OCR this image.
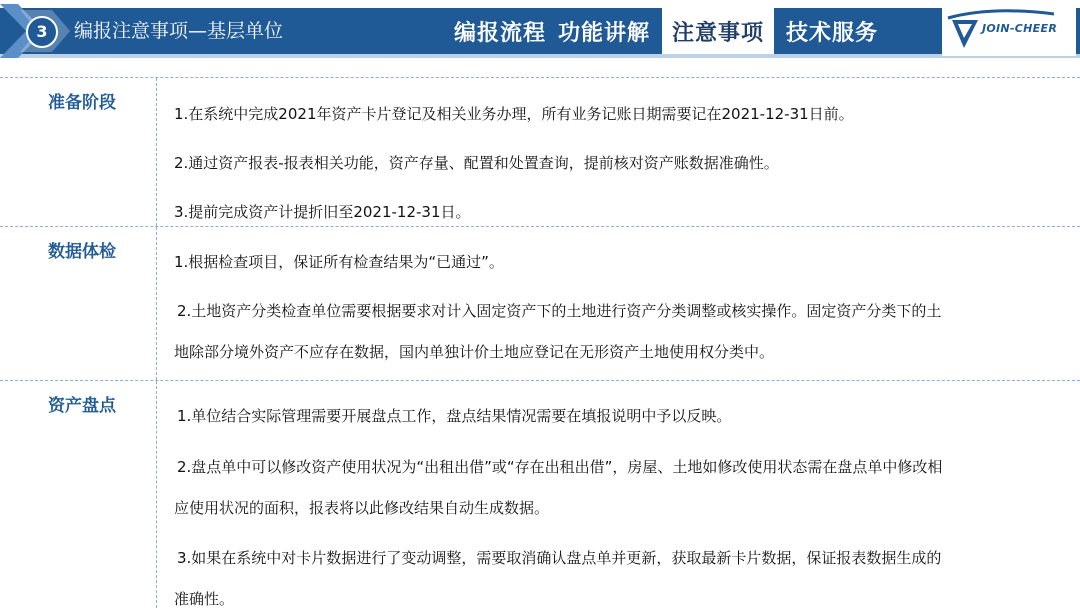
3	编报注意事项—基层单位	编报流程 功能讲解	注意事项	技术服务	JOIN-CHEER
准备阶段
1.在系统中完成2021年资产卡片登记及相关业务办理，所有业务记账日期需要记在2021-12-31日前。
2.通过资产报表-报表相关功能，资产存量、配置和处置查询，提前核对资产账数据准确性。
3.提前完成资产计提折旧至2021-12-31日。
数据体检	1.根据检查项目，保证所有检查结果为“已通过”。
2.土地资产分类检查单位需要根据要求对计入固定资产下的土地进行资产分类调整或核实操作。固定资产分类下的土
地除部分境外资产不应存在数据，国内单独计价土地应登记在无形资产土地使用权分类中。
资产盘点	1.单位结合实际管理需要开展盘点工作，盘点结果情况需要在填报说明中予以反映。
2.盘点单中可以修改资产使用状况为“出租出借”或“存在出租出借”，房屋、土地如修改使用状态需在盘点单中修改相
应使用状况的面积，报表将以此修改结果自动生成数据。
3.如果在系统中对卡片数据进行了变动调整，需要取消确认盘点单并更新，获取最新卡片数据，保证报表数据生成的
准确性。
